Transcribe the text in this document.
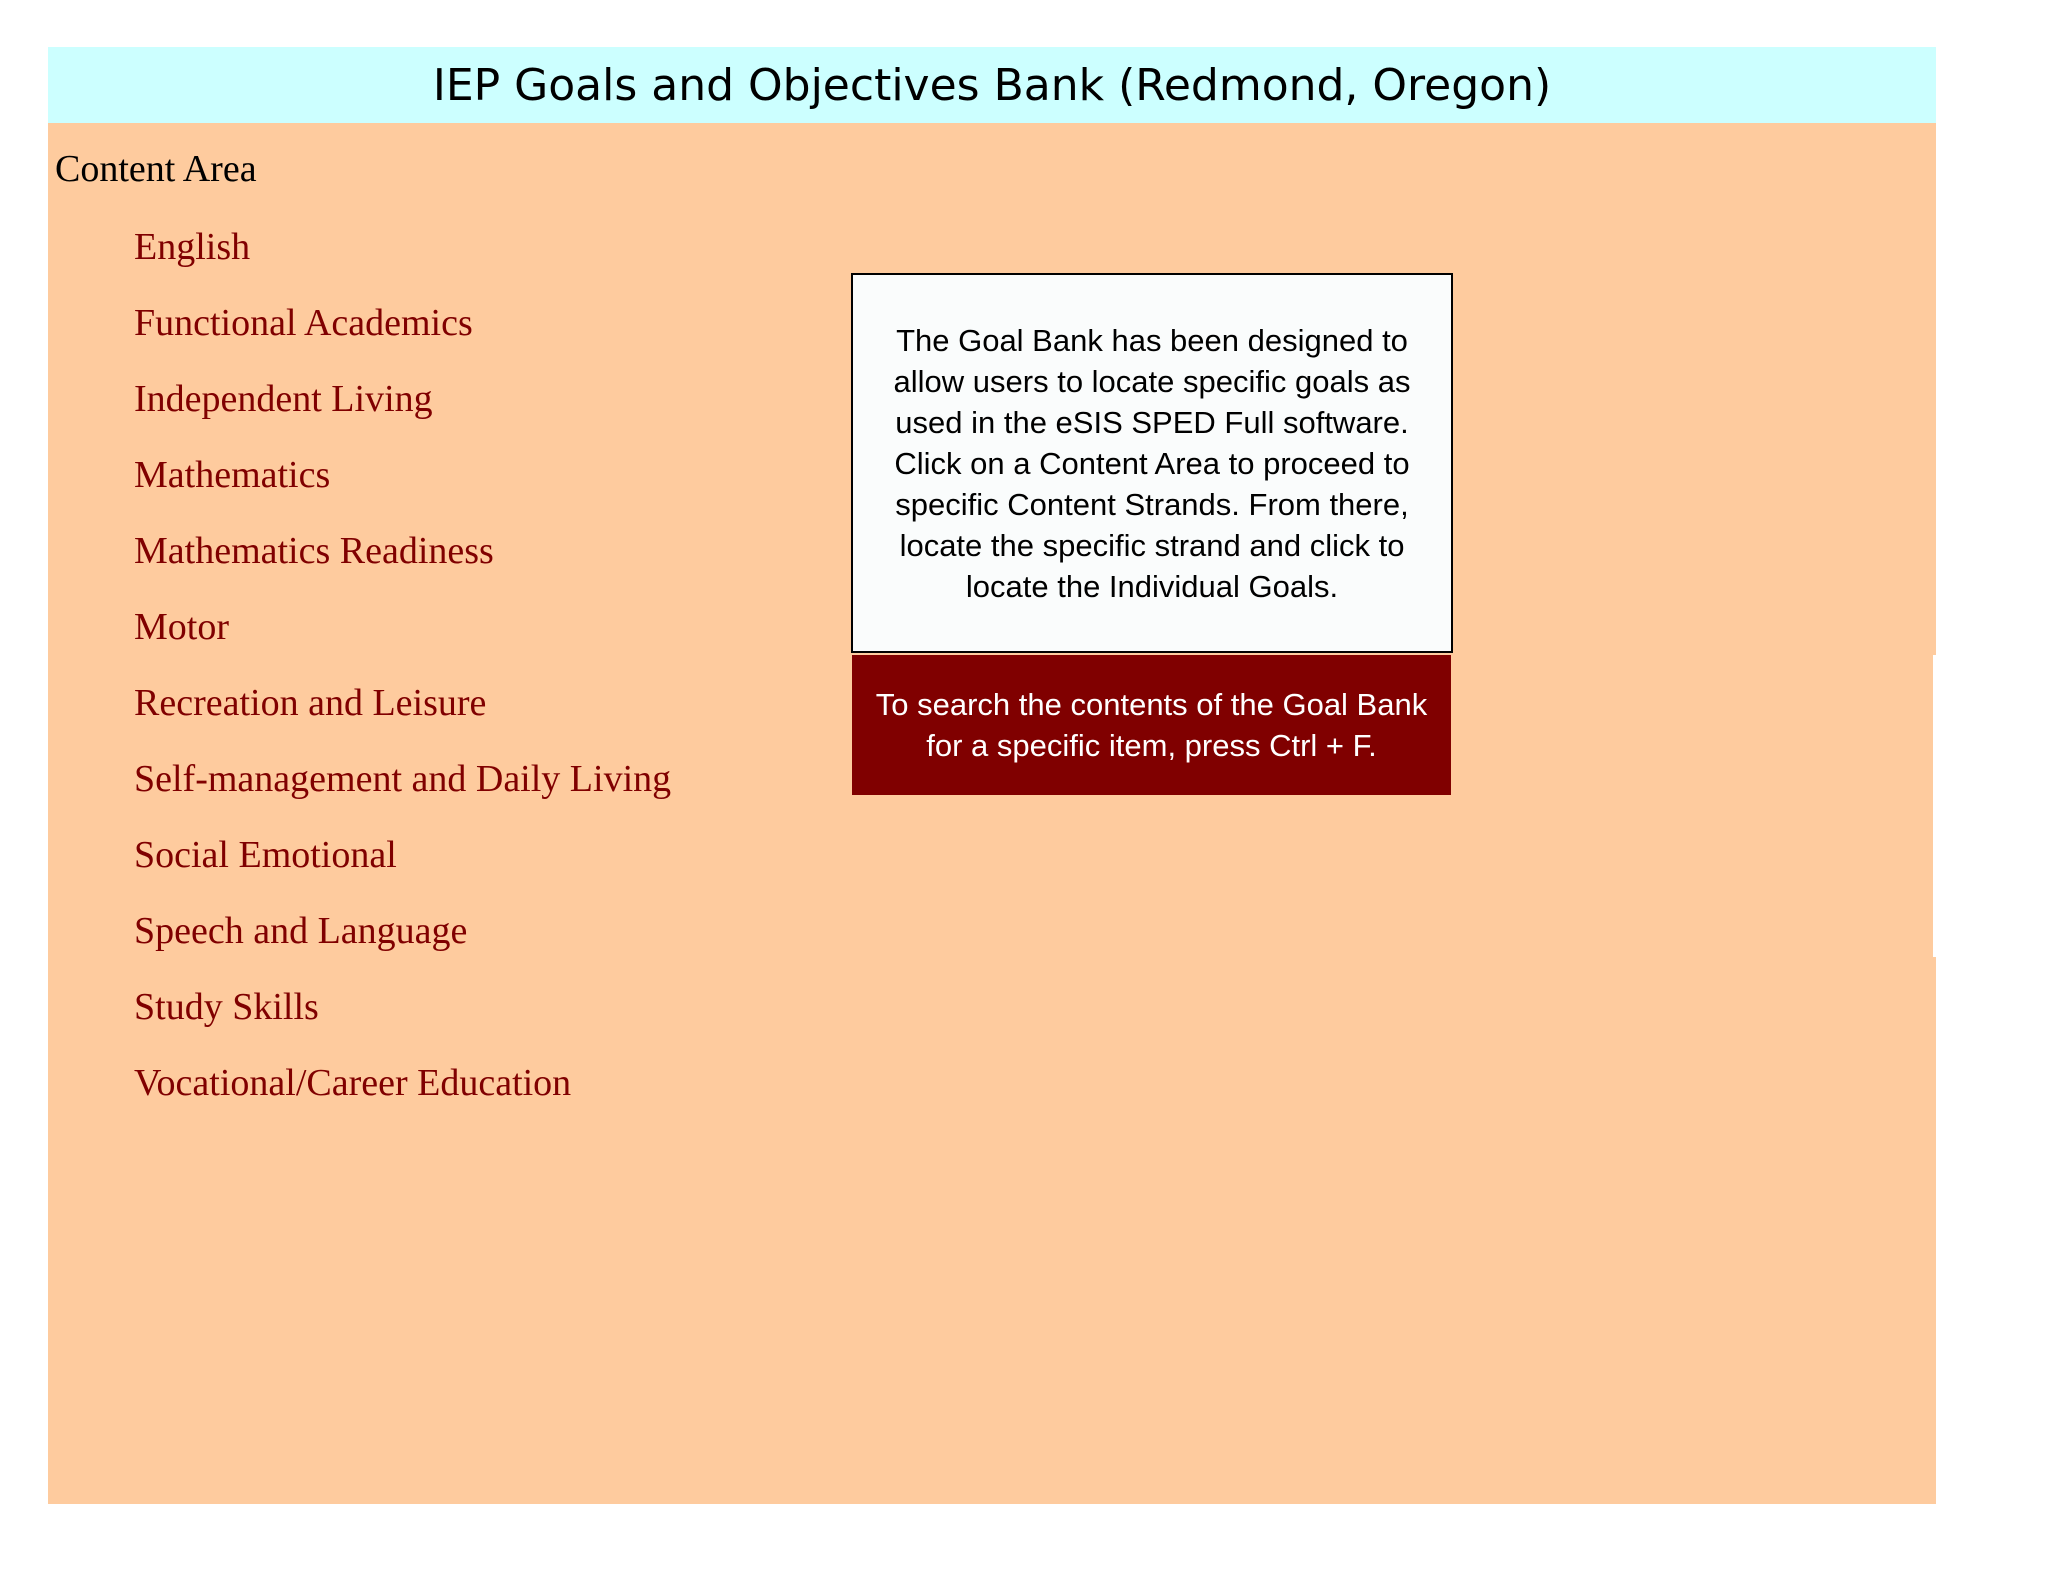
IEP Goals and Objectives Bank (Redmond, Oregon)
Content Area
English
Functional Academics
Independent Living
Mathematics
Mathematics Readiness
Motor
Recreation and Leisure
Self-management and Daily Living
Social Emotional
Speech and Language
Study Skills
Vocational/Career Education

The Goal Bank has been designed to allow users to locate specific goals as used in the eSIS SPED Full software. Click on a Content Area to proceed to specific Content Strands. From there, locate the specific strand and click to locate the Individual Goals.

To search the contents of the Goal Bank for a specific item, press Ctrl + F.
